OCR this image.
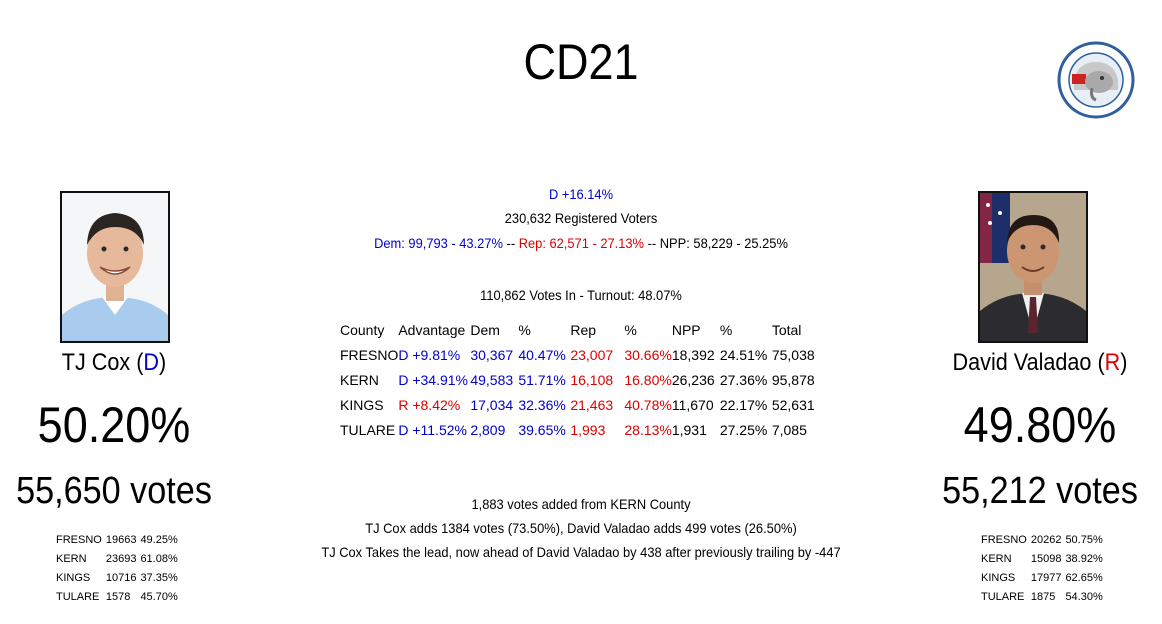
CD21
TJ Cox (D)
50.20%
55,650 votes
FRESNO	19663	49.25%
KERN	23693	61.08%
KINGS	10716	37.35%
TULARE	1578	45.70%
David Valadao (R)
49.80%
55,212 votes
FRESNO	20262	50.75%
KERN	15098	38.92%
KINGS	17977	62.65%
TULARE	1875	54.30%
D +16.14%
230,632 Registered Voters
Dem: 99,793 - 43.27% -- Rep: 62,571 - 27.13% -- NPP: 58,229 - 25.25%
110,862 Votes In - Turnout: 48.07%
County	Advantage	Dem	%	Rep	%	NPP	%	Total
FRESNO	D +9.81%	30,367	40.47%	23,007	30.66%	18,392	24.51%	75,038
KERN	D +34.91%	49,583	51.71%	16,108	16.80%	26,236	27.36%	95,878
KINGS	R +8.42%	17,034	32.36%	21,463	40.78%	11,670	22.17%	52,631
TULARE	D +11.52%	2,809	39.65%	1,993	28.13%	1,931	27.25%	7,085
1,883 votes added from KERN County
TJ Cox adds 1384 votes (73.50%), David Valadao adds 499 votes (26.50%)
TJ Cox Takes the lead, now ahead of David Valadao by 438 after previously trailing by -447
